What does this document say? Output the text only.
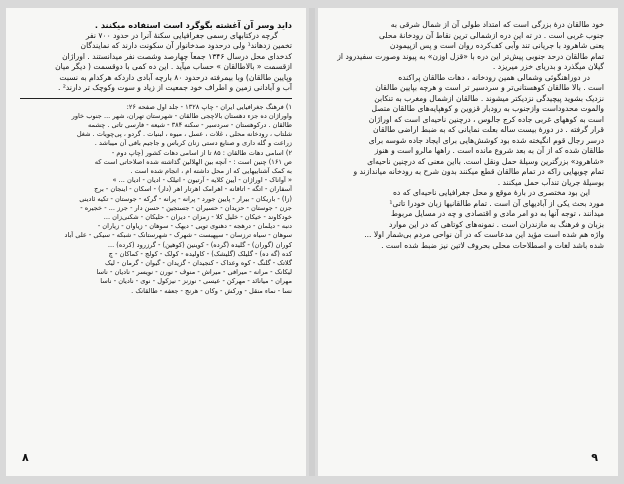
داید وسر آن آغشته بگوگرد است استفاده میکنند .
گرچه درکتابهای رسمی جغرافیایی سکنهٔ آنرا در حدود ۷۰۰ نفر
تخمین زدهاند¹ ولی درحدود صدخانوار آن سکونت دارند که نمایندگان
کدخدای محل درسال ۱۳۴۶ جمعاً چهارصد وشصت نفر میدانستند . اوراژان
ازقسمت « بالاطالقان » حساب میآید . این ده کمی با دوقسمت ( دیگر میان
وپایین طالقان) وبا بیمرفته درحدود ۸۰ بارچه آبادی داردکه هرکدام به نسبت
آب و آبادانی زمین و اطراف خود جمعیت‌ از زیاد و سوت وکوچک‌ تر دارند² .
۱) فرهنگ جغرافیایی ایران - چاپ ۱۳۲۸ - جلد اول صفحه ۲۶:
واوراژان ده جزء دهستان بالاچجی طالقان - شهرستان تهران، شهر ... جنوب خاور
طالقان . درکوهستان - سردسیر - سکنه ۳۸۴ - شیعه - فارسی تاتی . چشمه
شلتاب ، رودخانه محلی ، غلات ، عسل ، میوه ، لبنیات . گردو ، پی‌چویات . شغل
زراعت و گله داری و صنایع دستی زنان کرباس و جاجیم بافی آن میباشد .
۲) اسامی دهات طالقان : ۸۵ تا از اسامی دهات کشور (چاپ دوم -
ص ۱۶۱) چنین است : - آنچه بین الهلالین گذاشته شده اصلاحاتی است که
به کمک آشناییهایی که از محل داشته ام ، انجام شده است .
« آواناک - اوراژان - آیین کلایه - آرتیون - اتیلک - ادیان - ادیان ... »
آسفاران - اتگه - اتاقانه - اهرامک اهرتار اهر (دار) - اسکان - اینجان - برج
(زا) - باریکان - بیرار - پایین جورد - پرانه - پرانه - گرکه - جوستان - تکیه ئادینی
جزن - جوستان - حزیدان - حسیران - جستجین - حسن دار - جرز ... - خجیره -
خودکاوند - خیکان - خلیل کلا - زمزان - دیزان - حلیکان - شکنی‌زان ...
دنبه - دیلمان - درهجه - دهنوی تویی - دیهک - سوهان - زیاوان - زیاران -
سوهان - سیاه ترزسان - سپهبست - شهرک - شهرستانک - شبکه - سیکی - علی آباد
کوران (گوران) - گلیده (گرده) - کوینین (کوهین) - گرزرود (کرده) ...
کده (گه ده) - گلیلک (گلیشک) - کاولیده - کولک - کولج - کماکان - چ
گلاتک - گلنگ - کوه وعداک - کنجیدان - گزیدان - گیوان - گرمان - لیک
لیکانک - مرانه - میرافی - میراش - منوف - نورن - نویسر - نادیان - ناسا
مهران - میانائد - مهرکن - عیسی - نوزنز - نیزکول - نوی - نادیان - ناسا
نسا - نماء منقل - ورکش - وکان - هرنج - جعفه - طالقانک .
۸
خود طالقان درهٔ بزرگی است که امتداد طولی آن از شمال شرقی به
جنوب غربی است . در ته این دره ازشمالی ترین نقاط آن رودخانهٔ محلی
یعنی شاهرود با جریانی تند وآبی کف‌کرده روان است و پس ازپیمودن
تمام طالقان درحد جنوبی پیش‌تر این دره با «قزل اوزن» به پیوند وصورت سفیدرود از
گیلان میگذرد و بدریای خزر میریزد .
در دوراهنگوئی وشمالی همین رودخانه ، دهات طالقان پراکنده
است . بالا طالقان کوهستانی‌تر و سردسیر تر است و هرچه بپایین طالقان
نزدیک بشوید پیچیدگی نزدیکتر میشوند . طالقان ازشمال ومغرب به تنکابن
والموت محدوداست وازجنوب به رودبار قزوین و کوهپایه‌های طالقان متصل
است به کوههای غربی جاده کرج جالوس ، درچنین ناحیه‌ای است که اوراژان
قرار گرفته . در دورهٔ بیست ساله بعلت نمایانی که به ضبط اراضی طالقان
درسر رجال قوم انگیخته شده بود کوشش‌هایی برای ایجاد جاده شوسه برای
طالقان شده که از آن به بعد شروع مانده است . راهها مالرو است و هنوز
«شاهرود» بزرگترین وسیلهٔ حمل ونقل است. بااین معنی که درچنین ناحیه‌ای
تمام چوبهایی راکه در تمام طالقان قطع میکنند بدون شرح به رودخانه میاندازند و
بوسیلهٔ جریان تندآب حمل میکنند .
این بود مختصری در بارهٔ موقع و محل جغرافیایی ناحیه‌ای که ده
مورد بحث یکی از آبادیهای آن است . تمام طالقانیها زبان خودرا تاتی¹
میدانند ، توجه آنها به دو امر مادی و اقتصادی و چه در مسایل مربوط
بزبان و فرهنگ به مازندران است . نمونه‌های کوتاهی که در این موارد
واژه هم شده است مؤید این مدعاست که در آن نواحی مردم بی‌شمار اولا ...
شده باشد لغات و اصطلاحات محلی بحروف لاتین نیز ضبط شده است .
۹
